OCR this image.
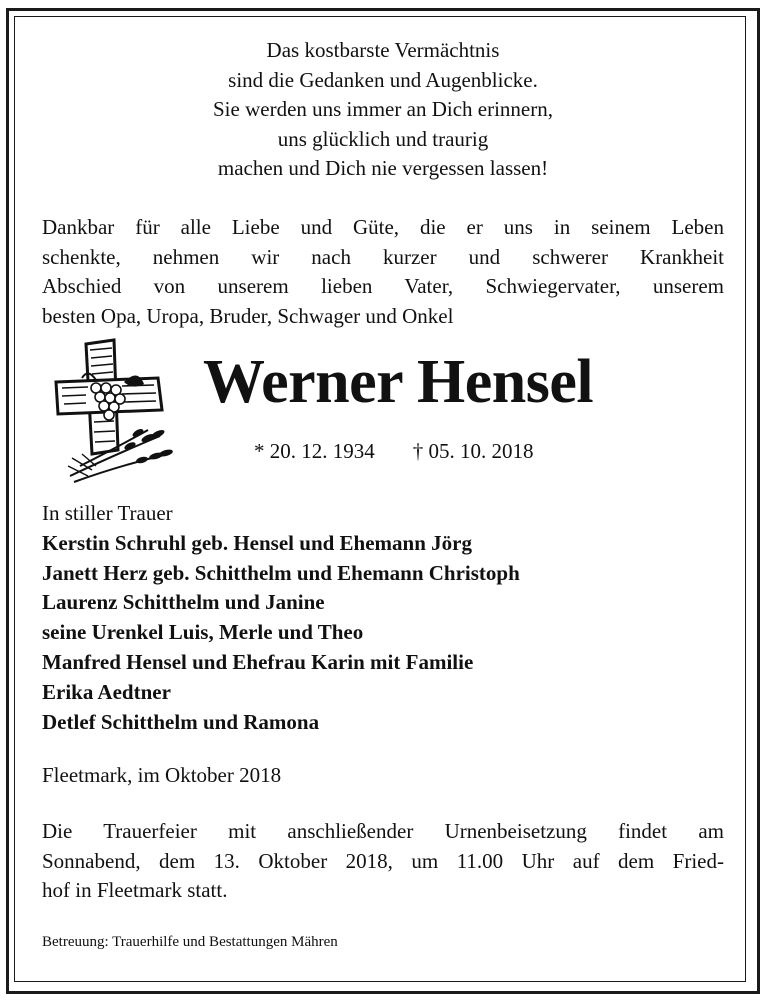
Das kostbarste Vermächtnis
sind die Gedanken und Augenblicke.
Sie werden uns immer an Dich erinnern,
uns glücklich und traurig
machen und Dich nie vergessen lassen!
Dankbar für alle Liebe und Güte, die er uns in seinem Leben
schenkte, nehmen wir nach kurzer und schwerer Krankheit
Abschied von unserem lieben Vater, Schwiegervater, unserem
besten Opa, Uropa, Bruder, Schwager und Onkel
Werner Hensel
* 20. 12. 1934 † 05. 10. 2018
In stiller Trauer
Kerstin Schruhl geb. Hensel und Ehemann Jörg
Janett Herz geb. Schitthelm und Ehemann Christoph
Laurenz Schitthelm und Janine
seine Urenkel Luis, Merle und Theo
Manfred Hensel und Ehefrau Karin mit Familie
Erika Aedtner
Detlef Schitthelm und Ramona
Fleetmark, im Oktober 2018
Die Trauerfeier mit anschließender Urnenbeisetzung findet am
Sonnabend, dem 13. Oktober 2018, um 11.00 Uhr auf dem Fried-
hof in Fleetmark statt.
Betreuung: Trauerhilfe und Bestattungen Mähren
